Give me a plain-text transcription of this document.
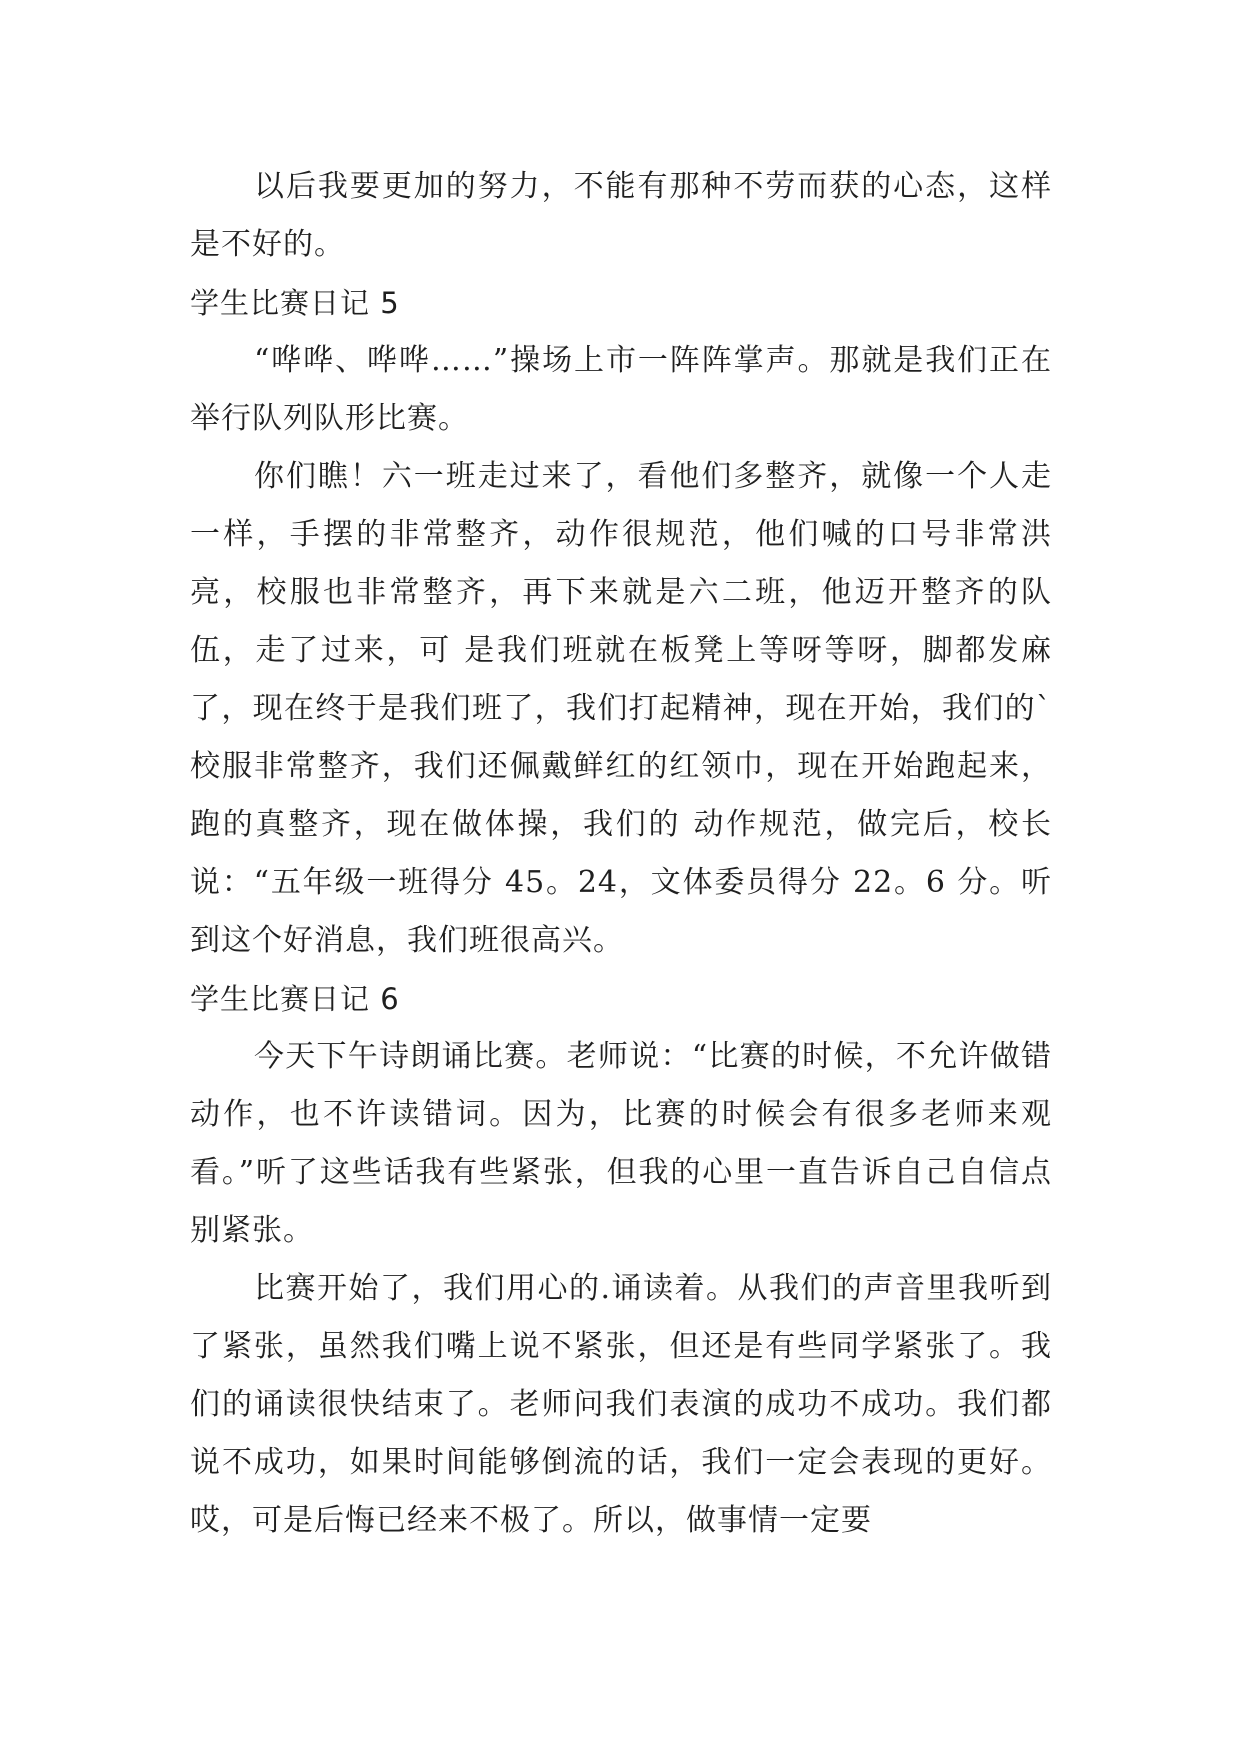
以后我要更加的努力，不能有那种不劳而获的心态，这样是不好的。

学生比赛日记 5

“哗哗、哗哗……”操场上市一阵阵掌声。那就是我们正在举行队列队形比赛。

你们瞧！六一班走过来了，看他们多整齐，就像一个人走一样，手摆的非常整齐，动作很规范，他们喊的口号非常洪亮，校服也非常整齐，再下来就是六二班，他迈开整齐的队伍，走了过来，可 是我们班就在板凳上等呀等呀，脚都发麻了，现在终于是我们班了，我们打起精神，现在开始，我们的`校服非常整齐，我们还佩戴鲜红的红领巾，现在开始跑起来，跑的真整齐，现在做体操，我们的 动作规范，做完后，校长说：“五年级一班得分 45。24，文体委员得分 22。6 分。听到这个好消息，我们班很高兴。

学生比赛日记 6

今天下午诗朗诵比赛。老师说：“比赛的时候，不允许做错动作，也不许读错词。因为，比赛的时候会有很多老师来观看。”听了这些话我有些紧张，但我的心里一直告诉自己自信点别紧张。

比赛开始了，我们用心的.诵读着。从我们的声音里我听到了紧张，虽然我们嘴上说不紧张，但还是有些同学紧张了。我们的诵读很快结束了。老师问我们表演的成功不成功。我们都说不成功，如果时间能够倒流的话，我们一定会表现的更好。哎，可是后悔已经来不极了。所以，做事情一定要
